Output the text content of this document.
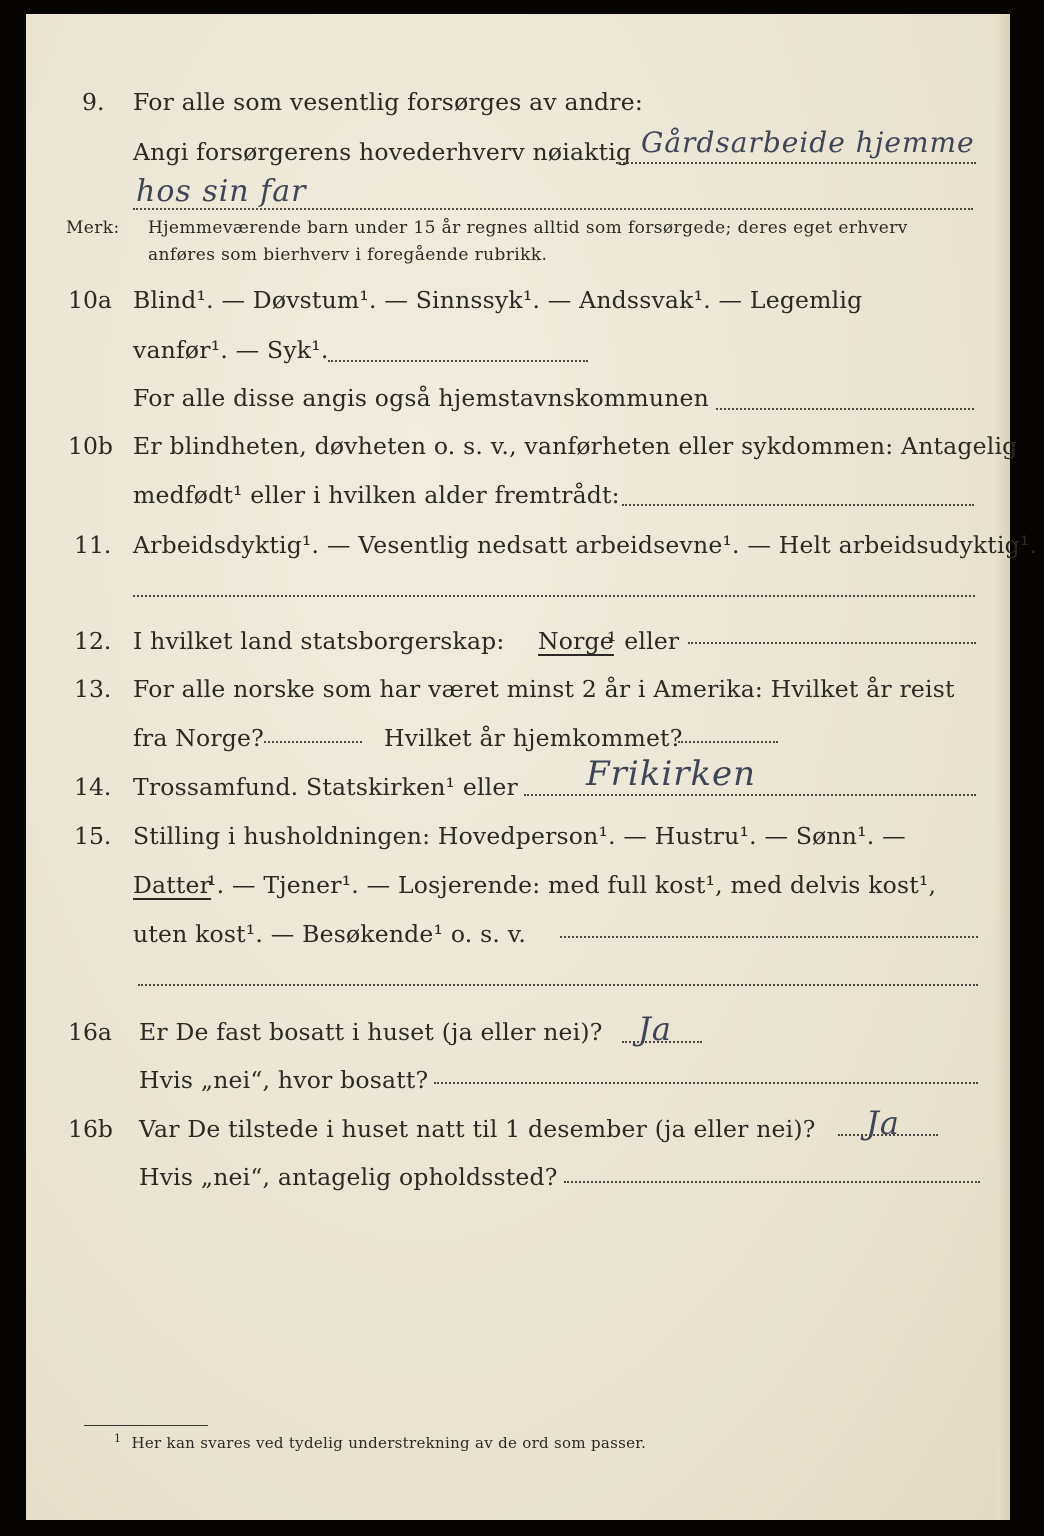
9. For alle som vesentlig forsørges av andre:
Angi forsørgerens hovederhverv nøiaktig Gårdsarbeide hjemme
hos sin far
Merk: Hjemmeværende barn under 15 år regnes alltid som forsørgede; deres eget erhverv
anføres som bierhverv i foregående rubrikk.
10a Blind¹. — Døvstum¹. — Sinnssyk¹. — Andssvak¹. — Legemlig
vanfør¹. — Syk¹.
For alle disse angis også hjemstavnskommunen
10b Er blindheten, døvheten o. s. v., vanførheten eller sykdommen: Antagelig
medfødt¹ eller i hvilken alder fremtrådt:
11. Arbeidsdyktig¹. — Vesentlig nedsatt arbeidsevne¹. — Helt arbeidsudyktig¹.
12. I hvilket land statsborgerskap: Norge
¹ eller
13. For alle norske som har været minst 2 år i Amerika: Hvilket år reist
fra Norge?	Hvilket år hjemkommet?
14. Trossamfund. Statskirken¹ eller Frikirken
15. Stilling i husholdningen: Hovedperson¹. — Hustru¹. — Sønn¹. —
Datter
¹. — Tjener¹. — Losjerende: med full kost¹, med delvis kost¹,
uten kost¹. — Besøkende¹ o. s. v.
16a Er De fast bosatt i huset (ja eller nei)? Ja
Hvis „nei“, hvor bosatt?
16b Var De tilstede i huset natt til 1 desember (ja eller nei)? Ja
Hvis „nei“, antagelig opholdssted?
$^1$ Her kan svares ved tydelig understrekning av de ord som passer.
